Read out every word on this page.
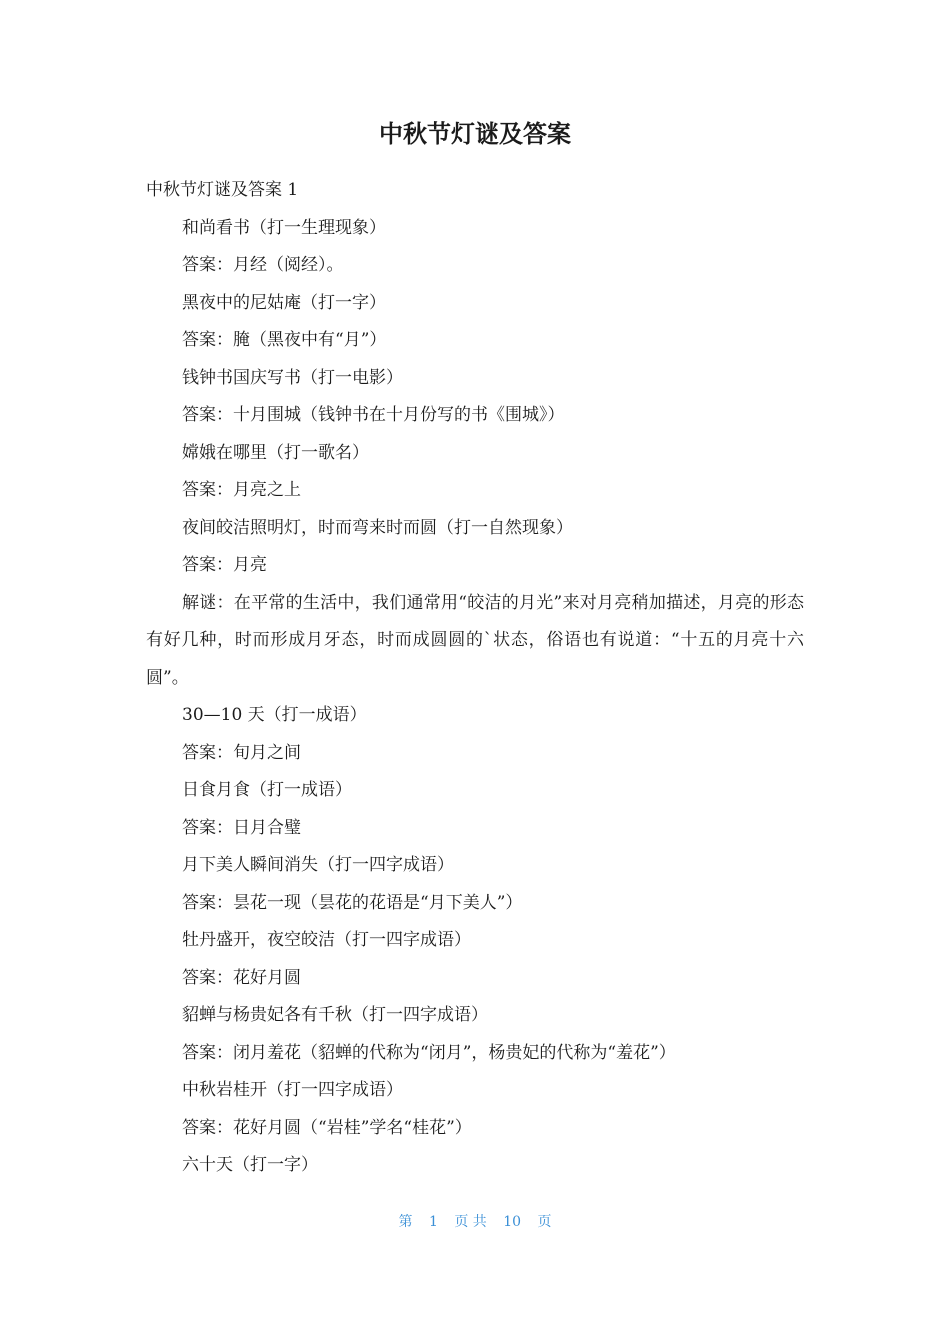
中秋节灯谜及答案
中秋节灯谜及答案 1
和尚看书（打一生理现象）
答案：月经（阅经）。
黑夜中的尼姑庵（打一字）
答案：腌（黑夜中有“月”）
钱钟书国庆写书（打一电影）
答案：十月围城（钱钟书在十月份写的书《围城》）
嫦娥在哪里（打一歌名）
答案：月亮之上
夜间皎洁照明灯，时而弯来时而圆（打一自然现象）
答案：月亮
解谜：在平常的生活中，我们通常用“皎洁的月光”来对月亮稍加描述，月亮的形态有好几种，时而形成月牙态，时而成圆圆的`状态，俗语也有说道：“十五的月亮十六圆”。
30—10 天（打一成语）
答案：旬月之间
日食月食（打一成语）
答案：日月合璧
月下美人瞬间消失（打一四字成语）
答案：昙花一现（昙花的花语是“月下美人”）
牡丹盛开，夜空皎洁（打一四字成语）
答案：花好月圆
貂蝉与杨贵妃各有千秋（打一四字成语）
答案：闭月羞花（貂蝉的代称为“闭月”，杨贵妃的代称为“羞花”）
中秋岩桂开（打一四字成语）
答案：花好月圆（“岩桂”学名“桂花”）
六十天（打一字）
第 1 页 共 10 页
